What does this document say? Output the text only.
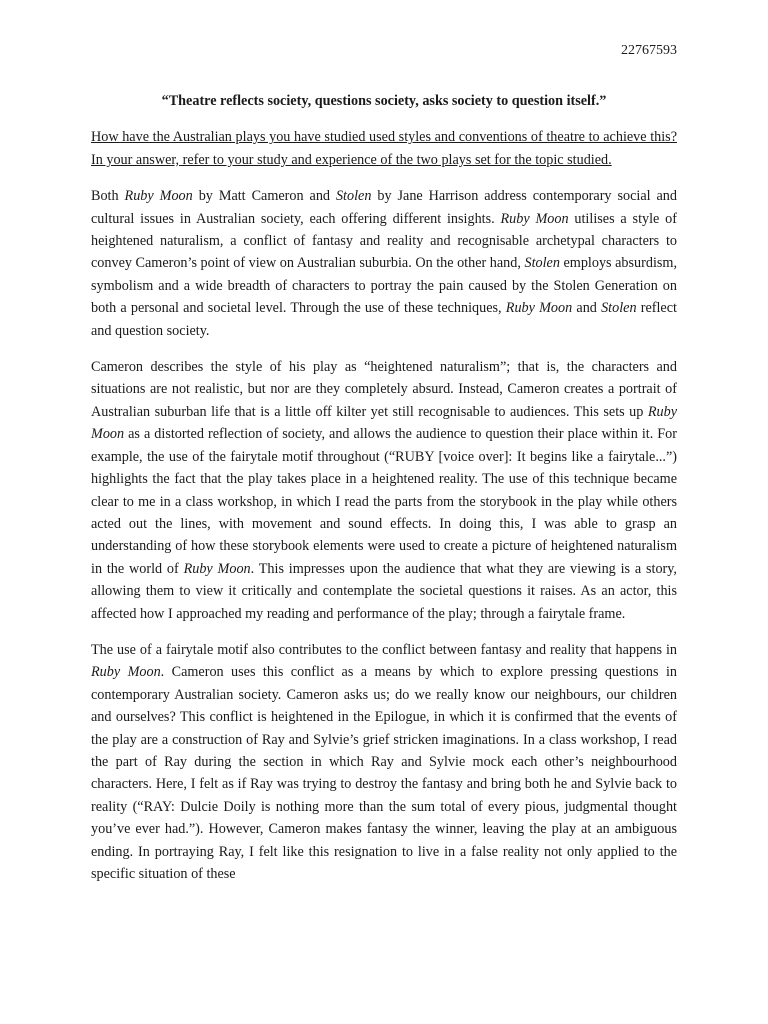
22767593

“Theatre reflects society, questions society, asks society to question itself.”

How have the Australian plays you have studied used styles and conventions of theatre to achieve this? In your answer, refer to your study and experience of the two plays set for the topic studied.

Both Ruby Moon by Matt Cameron and Stolen by Jane Harrison address contemporary social and cultural issues in Australian society, each offering different insights. Ruby Moon utilises a style of heightened naturalism, a conflict of fantasy and reality and recognisable archetypal characters to convey Cameron’s point of view on Australian suburbia. On the other hand, Stolen employs absurdism, symbolism and a wide breadth of characters to portray the pain caused by the Stolen Generation on both a personal and societal level. Through the use of these techniques, Ruby Moon and Stolen reflect and question society.

Cameron describes the style of his play as “heightened naturalism”; that is, the characters and situations are not realistic, but nor are they completely absurd. Instead, Cameron creates a portrait of Australian suburban life that is a little off kilter yet still recognisable to audiences. This sets up Ruby Moon as a distorted reflection of society, and allows the audience to question their place within it. For example, the use of the fairytale motif throughout (“RUBY [voice over]: It begins like a fairytale...”) highlights the fact that the play takes place in a heightened reality. The use of this technique became clear to me in a class workshop, in which I read the parts from the storybook in the play while others acted out the lines, with movement and sound effects. In doing this, I was able to grasp an understanding of how these storybook elements were used to create a picture of heightened naturalism in the world of Ruby Moon. This impresses upon the audience that what they are viewing is a story, allowing them to view it critically and contemplate the societal questions it raises. As an actor, this affected how I approached my reading and performance of the play; through a fairytale frame.

The use of a fairytale motif also contributes to the conflict between fantasy and reality that happens in Ruby Moon. Cameron uses this conflict as a means by which to explore pressing questions in contemporary Australian society. Cameron asks us; do we really know our neighbours, our children and ourselves? This conflict is heightened in the Epilogue, in which it is confirmed that the events of the play are a construction of Ray and Sylvie’s grief stricken imaginations. In a class workshop, I read the part of Ray during the section in which Ray and Sylvie mock each other’s neighbourhood characters. Here, I felt as if Ray was trying to destroy the fantasy and bring both he and Sylvie back to reality (“RAY: Dulcie Doily is nothing more than the sum total of every pious, judgmental thought you’ve ever had.”). However, Cameron makes fantasy the winner, leaving the play at an ambiguous ending. In portraying Ray, I felt like this resignation to live in a false reality not only applied to the specific situation of these
